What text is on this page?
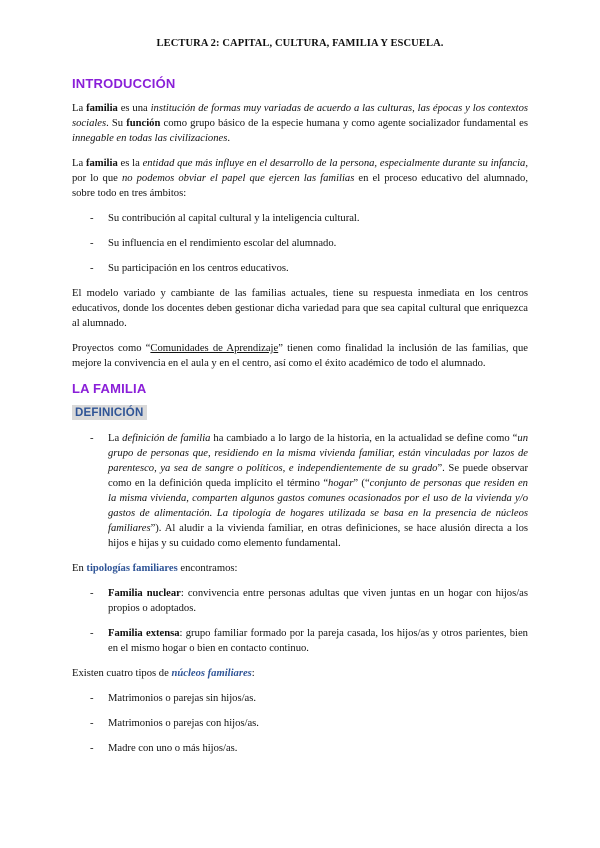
LECTURA 2: CAPITAL, CULTURA, FAMILIA Y ESCUELA.
INTRODUCCIÓN

La familia es una institución de formas muy variadas de acuerdo a las culturas, las épocas y los contextos sociales. Su función como grupo básico de la especie humana y como agente socializador fundamental es innegable en todas las civilizaciones.

La familia es la entidad que más influye en el desarrollo de la persona, especialmente durante su infancia, por lo que no podemos obviar el papel que ejercen las familias en el proceso educativo del alumnado, sobre todo en tres ámbitos:

- Su contribución al capital cultural y la inteligencia cultural.
- Su influencia en el rendimiento escolar del alumnado.
- Su participación en los centros educativos.

El modelo variado y cambiante de las familias actuales, tiene su respuesta inmediata en los centros educativos, donde los docentes deben gestionar dicha variedad para que sea capital cultural que enriquezca al alumnado.

Proyectos como “Comunidades de Aprendizaje” tienen como finalidad la inclusión de las familias, que mejore la convivencia en el aula y en el centro, así como el éxito académico de todo el alumnado.

LA FAMILIA
DEFINICIÓN
- La definición de familia ha cambiado a lo largo de la historia, en la actualidad se define como “un grupo de personas que, residiendo en la misma vivienda familiar, están vinculadas por lazos de parentesco, ya sea de sangre o políticos, e independientemente de su grado”. Se puede observar como en la definición queda implícito el término “hogar” (“conjunto de personas que residen en la misma vivienda, comparten algunos gastos comunes ocasionados por el uso de la vivienda y/o gastos de alimentación. La tipología de hogares utilizada se basa en la presencia de núcleos familiares”). Al aludir a la vivienda familiar, en otras definiciones, se hace alusión directa a los hijos e hijas y su cuidado como elemento fundamental.

En tipologías familiares encontramos:

- Familia nuclear: convivencia entre personas adultas que viven juntas en un hogar con hijos/as propios o adoptados.
- Familia extensa: grupo familiar formado por la pareja casada, los hijos/as y otros parientes, bien en el mismo hogar o bien en contacto continuo.

Existen cuatro tipos de núcleos familiares:

- Matrimonios o parejas sin hijos/as.
- Matrimonios o parejas con hijos/as.
- Madre con uno o más hijos/as.
